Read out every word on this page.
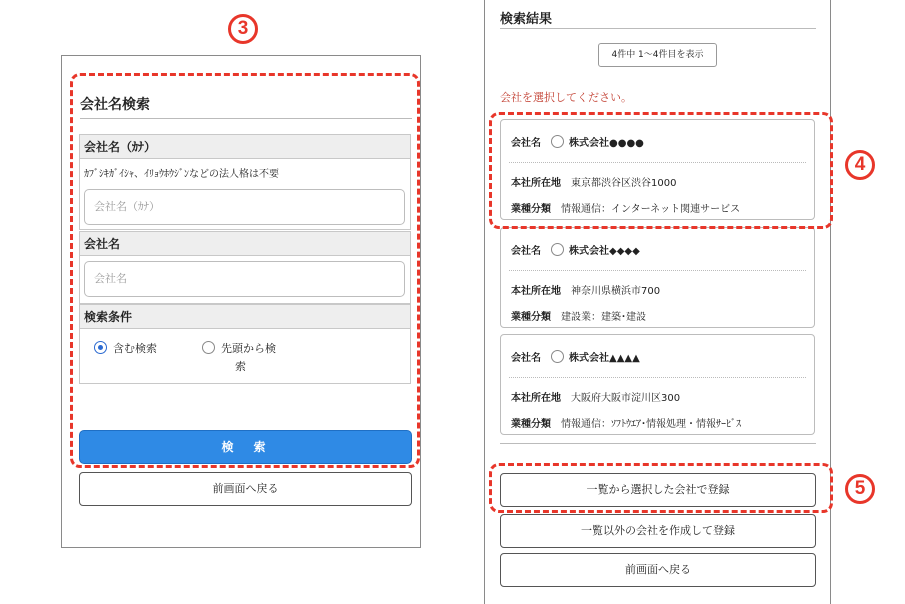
3
4
5
会社名検索
会社名（ｶﾅ）
ｶﾌﾞｼｷｶﾞｲｼｬ、ｲﾘｮｳﾎｳｼﾞﾝなどの法人格は不要
会社名（ｶﾅ）
会社名
会社名
検索条件
含む検索	先頭から検
索
検　索
前画面へ戻る
検索結果
4件中 1～4件目を表示
会社を選択してください。
会社名	株式会社●●●●
本社所在地 東京都渋谷区渋谷1000
業種分類 情報通信：インターネット関連サービス
会社名	株式会社◆◆◆◆
本社所在地 神奈川県横浜市700
業種分類 建設業：建築･建設
会社名	株式会社▲▲▲▲
本社所在地 大阪府大阪市淀川区300
業種分類 情報通信：ｿﾌﾄｳｴｱ･情報処理・情報ｻｰﾋﾞｽ
一覧から選択した会社で登録
一覧以外の会社を作成して登録
前画面へ戻る
